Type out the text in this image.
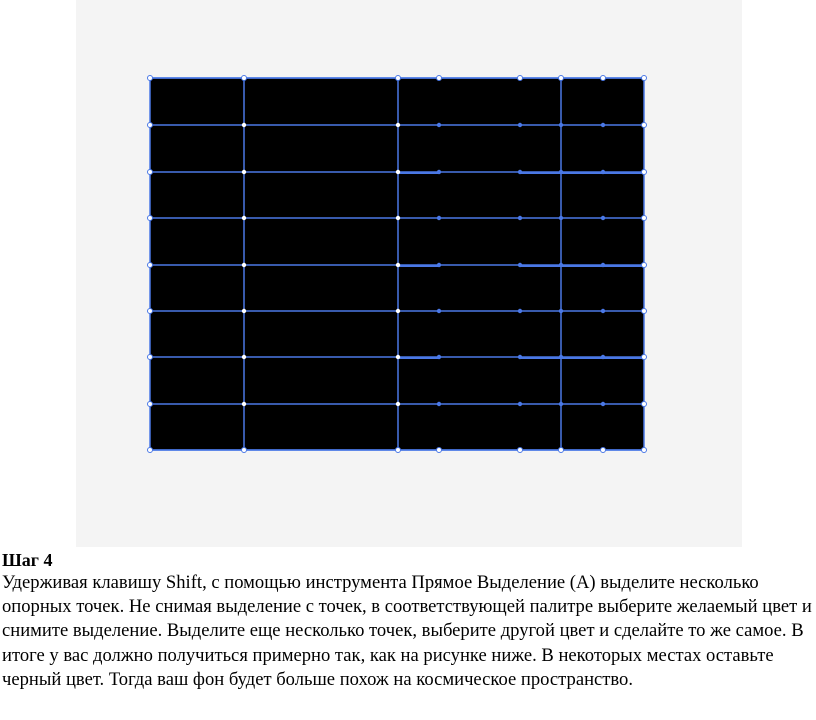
Шаг 4

Удерживая клавишу Shift, с помощью инструмента Прямое Выделение (А) выделите несколько опорных точек. Не снимая выделение с точек, в соответствующей палитре выберите желаемый цвет и снимите выделение. Выделите еще несколько точек, выберите другой цвет и сделайте то же самое. В итоге у вас должно получиться примерно так, как на рисунке ниже. В некоторых местах оставьте черный цвет. Тогда ваш фон будет больше похож на космическое пространство.
